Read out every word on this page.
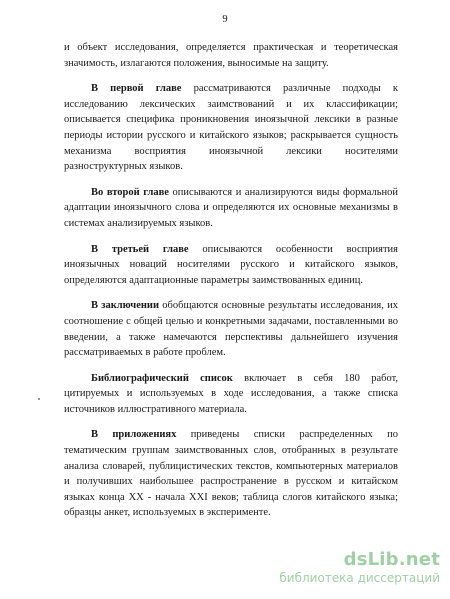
9

и объект исследования, определяется практическая и теоретическая значимость, излагаются положения, выносимые на защиту.

В первой главе рассматриваются различные подходы к исследованию лексических заимствований и их классификации; описывается специфика проникновения иноязычной лексики в разные периоды истории русского и китайского языков; раскрывается сущность механизма восприятия иноязычной лексики носителями разноструктурных языков.

Во второй главе описываются и анализируются виды формальной адаптации иноязычного слова и определяются их основные механизмы в системах анализируемых языков.

В третьей главе описываются особенности восприятия иноязычных новаций носителями русского и китайского языков, определяются адаптационные параметры заимствованных единиц.

В заключении обобщаются основные результаты исследования, их соотношение с общей целью и конкретными задачами, поставленными во введении, а также намечаются перспективы дальнейшего изучения рассматриваемых в работе проблем.

Библиографический список включает в себя 180 работ, цитируемых и используемых в ходе исследования, а также списка источников иллюстративного материала.

В приложениях приведены списки распределенных по тематическим группам заимствованных слов, отобранных в результате анализа словарей, публицистических текстов, компьютерных материалов и получивших наибольшее распространение в русском и китайском языках конца XX - начала XXI веков; таблица слогов китайского языка; образцы анкет, используемых в эксперименте.

dsLib.net
библиотека диссертаций
